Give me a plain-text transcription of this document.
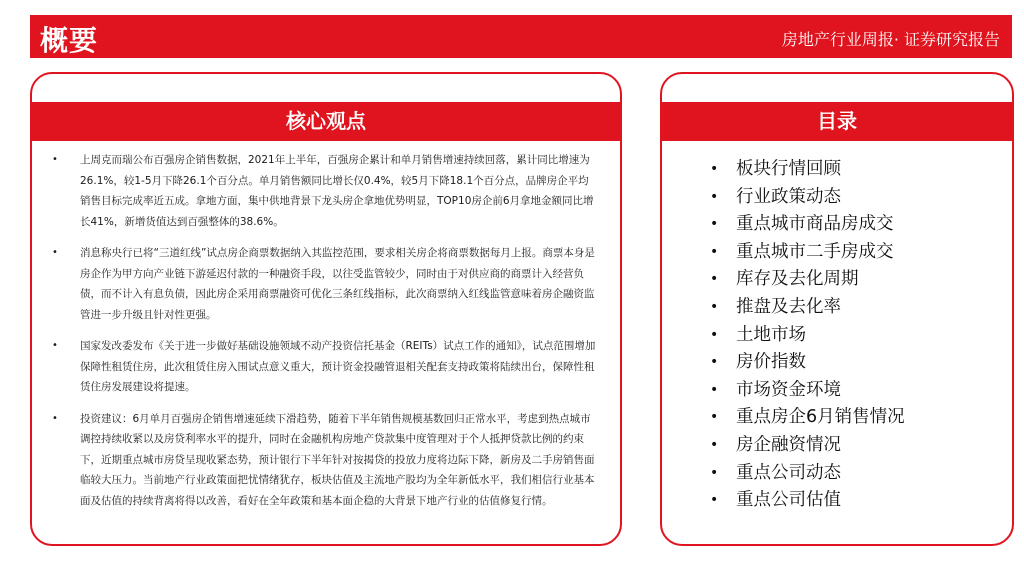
概要	房地产行业周报· 证券研究报告
核心观点
• 上周克而瑞公布百强房企销售数据，2021年上半年，百强房企累计和单月销售增速持续回落，累计同比增速为26.1%，较1-5月下降26.1个百分点。单月销售额同比增长仅0.4%，较5月下降18.1个百分点，品牌房企平均销售目标完成率近五成。拿地方面，集中供地背景下龙头房企拿地优势明显，TOP10房企前6月拿地金额同比增长41%，新增货值达到百强整体的38.6%。
• 消息称央行已将“三道红线”试点房企商票数据纳入其监控范围，要求相关房企将商票数据每月上报。商票本身是房企作为甲方向产业链下游延迟付款的一种融资手段，以往受监管较少，同时由于对供应商的商票计入经营负债，而不计入有息负债，因此房企采用商票融资可优化三条红线指标，此次商票纳入红线监管意味着房企融资监管进一步升级且针对性更强。
• 国家发改委发布《关于进一步做好基础设施领域不动产投资信托基金（REITs）试点工作的通知》，试点范围增加保障性租赁住房，此次租赁住房入围试点意义重大，预计资金投融管退相关配套支持政策将陆续出台，保障性租赁住房发展建设将提速。
• 投资建议：6月单月百强房企销售增速延续下滑趋势，随着下半年销售规模基数回归正常水平，考虑到热点城市调控持续收紧以及房贷利率水平的提升，同时在金融机构房地产贷款集中度管理对于个人抵押贷款比例的约束下，近期重点城市房贷呈现收紧态势，预计银行下半年针对按揭贷的投放力度将边际下降，新房及二手房销售面临较大压力。当前地产行业政策面把忧情绪犹存，板块估值及主流地产股均为全年新低水平，我们相信行业基本面及估值的持续背离将得以改善，看好在全年政策和基本面企稳的大背景下地产行业的估值修复行情。
目录
• 板块行情回顾
• 行业政策动态
• 重点城市商品房成交
• 重点城市二手房成交
• 库存及去化周期
• 推盘及去化率
• 土地市场
• 房价指数
• 市场资金环境
• 重点房企6月销售情况
• 房企融资情况
• 重点公司动态
• 重点公司估值
